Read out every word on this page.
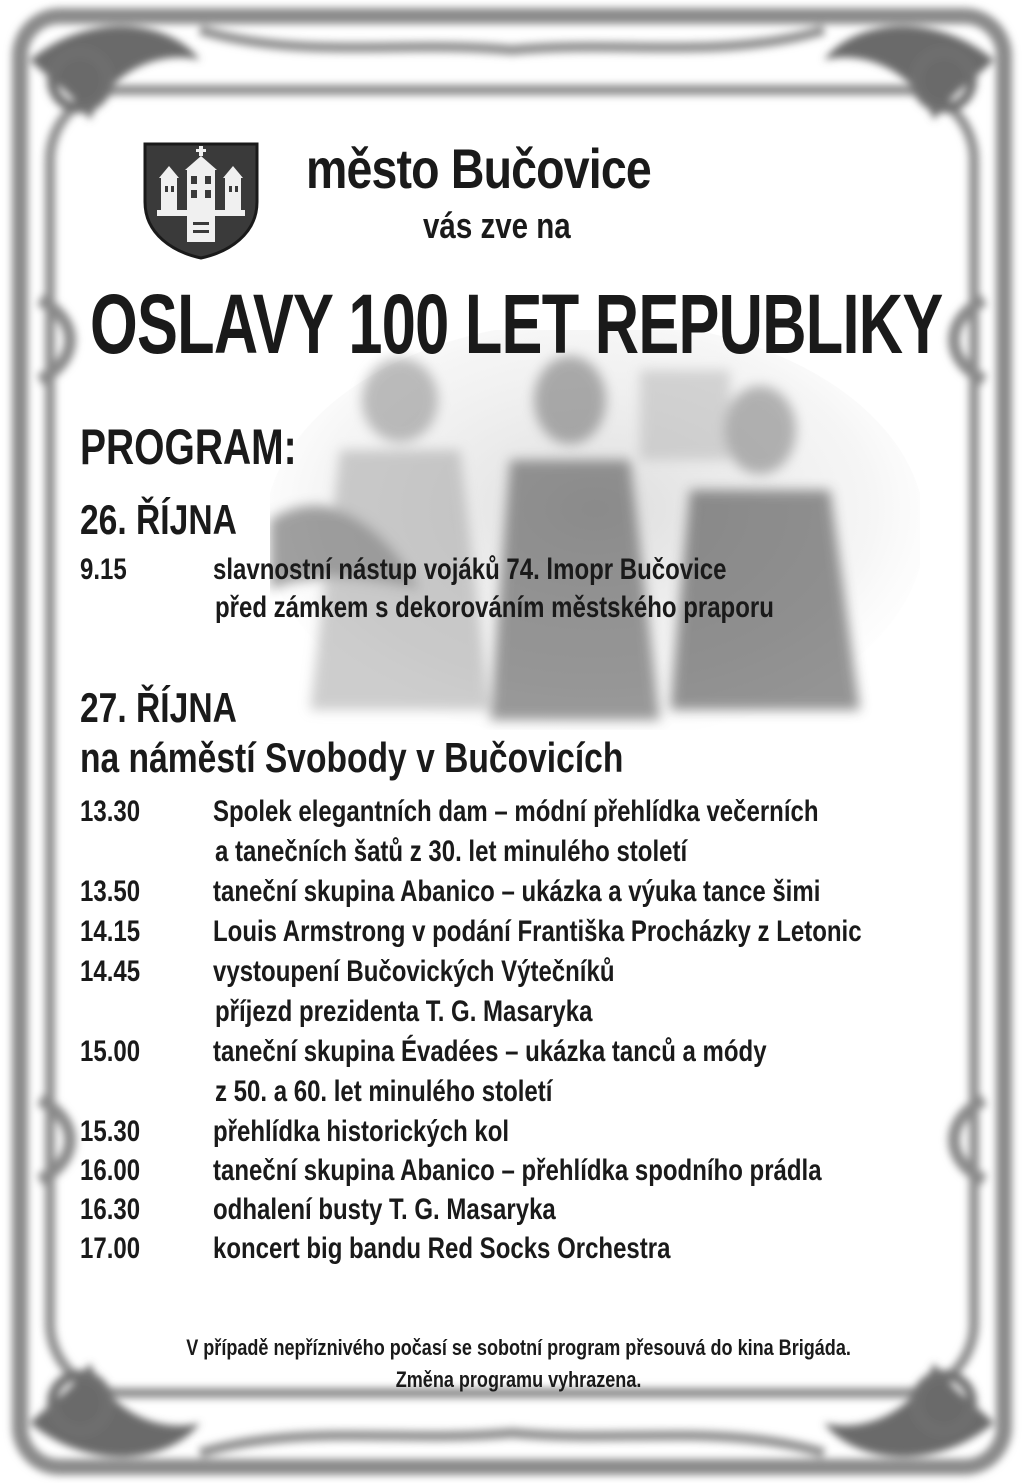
město Bučovice

vás zve na

OSLAVY 100 LET REPUBLIKY

PROGRAM:

26. ŘÍJNA

9.15	slavnostní nástup vojáků 74. lmopr Bučovice
před zámkem s dekorováním městského praporu

27. ŘÍJNA

na náměstí Svobody v Bučovicích

13.30 Spolek elegantních dam – módní přehlídka večerních
a tanečních šatů z 30. let minulého století
13.50 taneční skupina Abanico – ukázka a výuka tance šimi
14.15 Louis Armstrong v podání Františka Procházky z Letonic
14.45 vystoupení Bučovických Výtečníků
příjezd prezidenta T. G. Masaryka
15.00 taneční skupina Évadées – ukázka tanců a módy
z 50. a 60. let minulého století
15.30 přehlídka historických kol
16.00 taneční skupina Abanico – přehlídka spodního prádla
16.30 odhalení busty T. G. Masaryka
17.00 koncert big bandu Red Socks Orchestra

V případě nepříznivého počasí se sobotní program přesouvá do kina Brigáda.

Změna programu vyhrazena.
